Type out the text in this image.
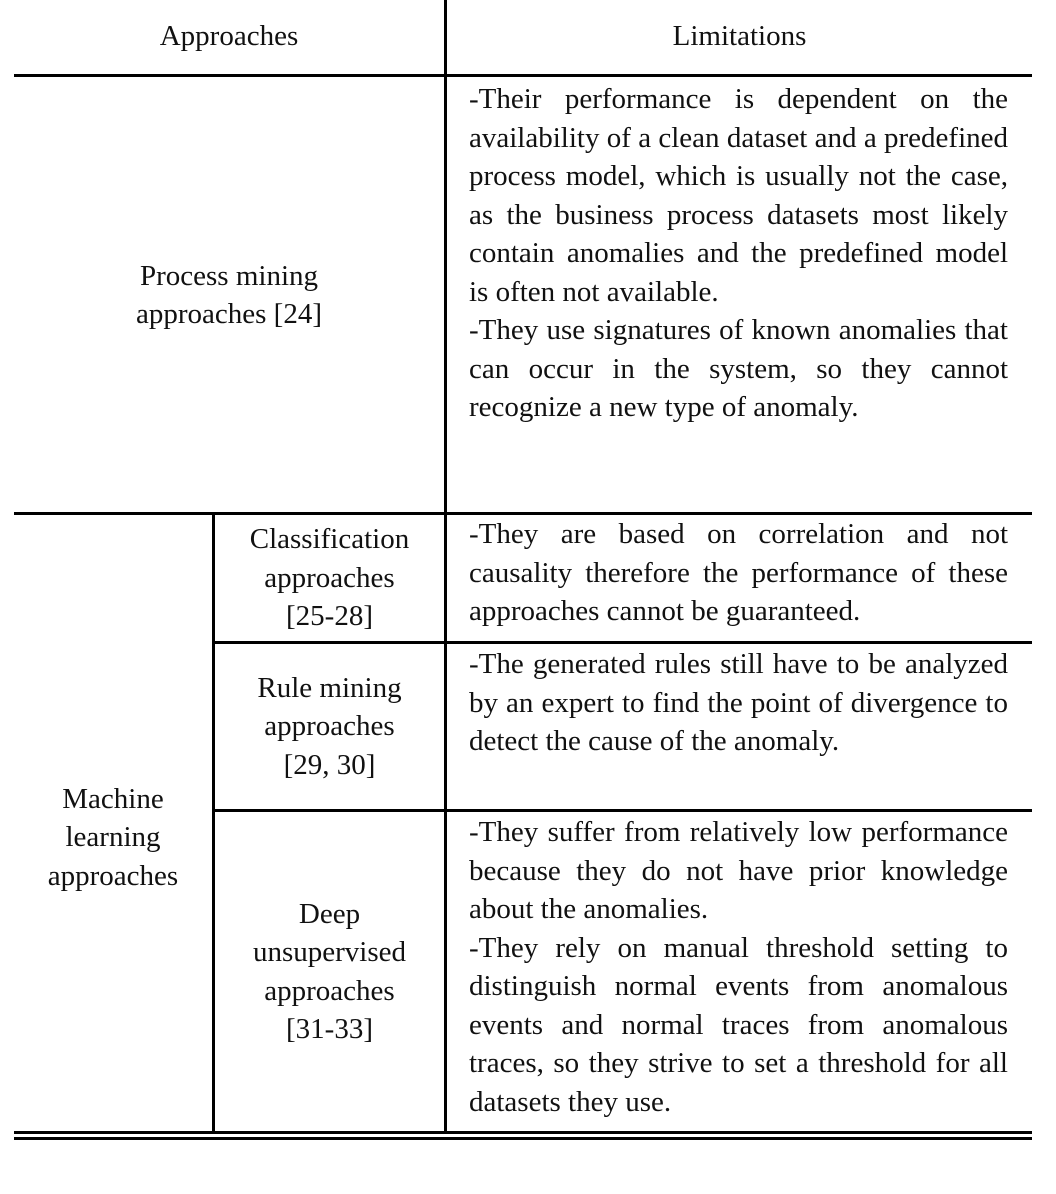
Approaches	Limitations
Process mining
approaches [24]
-Their performance is dependent on the availability of a clean dataset and a predefined process model, which is usually not the case, as the business process datasets most likely contain anomalies and the predefined model is often not available.
-They use signatures of known anomalies that can occur in the system, so they cannot recognize a new type of anomaly.
Machine
learning
approaches
Classification
approaches
[25-28]
-They are based on correlation and not causality therefore the performance of these approaches cannot be guaranteed.
Rule mining
approaches
[29, 30]
-The generated rules still have to be analyzed by an expert to find the point of divergence to detect the cause of the anomaly.
Deep
unsupervised
approaches
[31-33]
-They suffer from relatively low performance because they do not have prior knowledge about the anomalies.
-They rely on manual threshold setting to distinguish normal events from anomalous events and normal traces from anomalous traces, so they strive to set a threshold for all datasets they use.
